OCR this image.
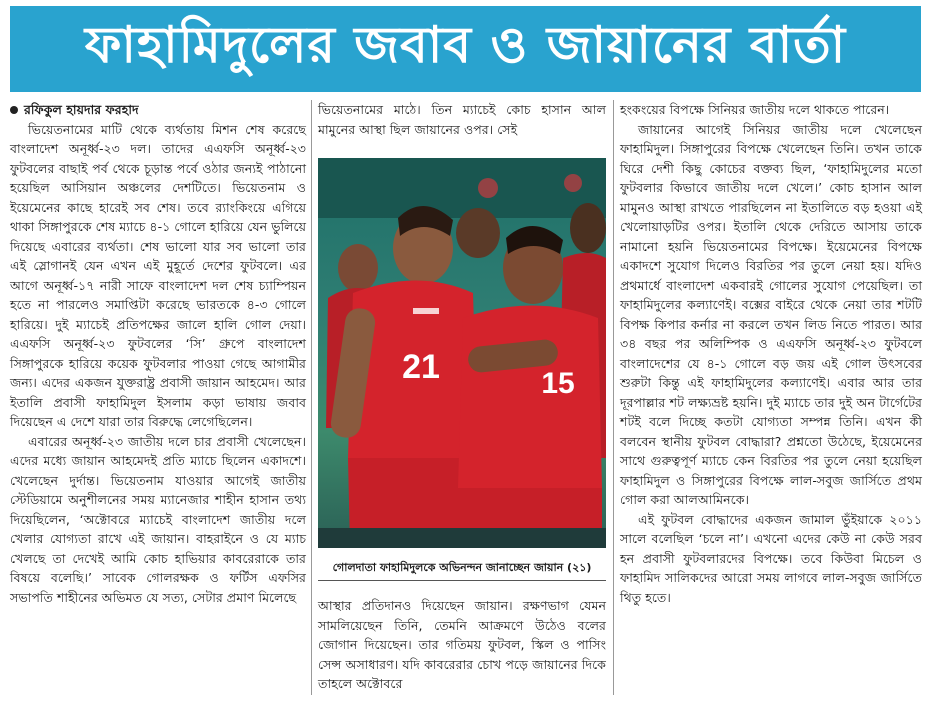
ফাহামিদুলের জবাব ও জায়ানের বার্তা
রফিকুল হায়দার ফরহাদ

ভিয়েতনামের মাটি থেকে ব্যর্থতায় মিশন শেষ করেছে বাংলাদেশ অনূর্ধ্ব-২৩ দল। তাদের এএফসি অনূর্ধ্ব-২৩ ফুটবলের বাছাই পর্ব থেকে চূড়ান্ত পর্বে ওঠার জন্যই পাঠানো হয়েছিল আসিয়ান অঞ্চলের দেশটিতে। ভিয়েতনাম ও ইয়েমেনের কাছে হারেই সব শেষ। তবে র‍্যাংকিংয়ে এগিয়ে থাকা সিঙ্গাপুরকে শেষ ম্যাচে ৪-১ গোলে হারিয়ে যেন ভুলিয়ে দিয়েছে এবারের ব্যর্থতা। শেষ ভালো যার সব ভালো তার এই স্লোগানই যেন এখন এই মুহূর্তে দেশের ফুটবলে। এর আগে অনূর্ধ্ব-১৭ নারী সাফে বাংলাদেশ দল শেষ চ্যাম্পিয়ন হতে না পারলেও সমাপ্তিটা করেছে ভারতকে ৪-৩ গোলে হারিয়ে। দুই ম্যাচেই প্রতিপক্ষের জালে হালি গোল দেয়া। এএফসি অনূর্ধ্ব-২৩ ফুটবলের ‘সি’ গ্রুপে বাংলাদেশ সিঙ্গাপুরকে হারিয়ে কয়েক ফুটবলার পাওয়া গেছে আগামীর জন্য। এদের একজন যুক্তরাষ্ট্র প্রবাসী জায়ান আহমেদ। আর ইতালি প্রবাসী ফাহামিদুল ইসলাম কড়া ভাষায় জবাব দিয়েছেন এ দেশে যারা তার বিরুদ্ধে লেগেছিলেন।

এবারের অনূর্ধ্ব-২৩ জাতীয় দলে চার প্রবাসী খেলেছেন। এদের মধ্যে জায়ান আহমেদই প্রতি ম্যাচে ছিলেন একাদশে। খেলেছেন দুর্দান্ত। ভিয়েতনাম যাওয়ার আগেই জাতীয় স্টেডিয়ামে অনুশীলনের সময় ম্যানেজার শাহীন হাসান তথ্য দিয়েছিলেন, ‘অক্টোবরে ম্যাচেই বাংলাদেশ জাতীয় দলে খেলার যোগ্যতা রাখে এই জায়ান। বাহরাইনে ও যে ম্যাচ খেলছে তা দেখেই আমি কোচ হাভিয়ার কাবরেরাকে তার বিষয়ে বলেছি।’ সাবেক গোলরক্ষক ও ফর্টিস এফসির সভাপতি শাহীনের অভিমত যে সত্য, সেটার প্রমাণ মিলেছে

ভিয়েতনামের মাঠে। তিন ম্যাচেই কোচ হাসান আল মামুনের আস্থা ছিল জায়ানের ওপর। সেই

21	15
গোলদাতা ফাহামিদুলকে অভিনন্দন জানাচ্ছেন জায়ান (২১)

আস্থার প্রতিদানও দিয়েছেন জায়ান। রক্ষণভাগ যেমন সামলিয়েছেন তিনি, তেমনি আক্রমণে উঠেও বলের জোগান দিয়েছেন। তার গতিময় ফুটবল, স্কিল ও পাসিং সেন্স অসাধারণ। যদি কাবরেরার চোখ পড়ে জায়ানের দিকে তাহলে অক্টোবরে

হংকংয়ের বিপক্ষে সিনিয়র জাতীয় দলে থাকতে পারেন।

জায়ানের আগেই সিনিয়র জাতীয় দলে খেলেছেন ফাহামিদুল। সিঙ্গাপুরের বিপক্ষে খেলেছেন তিনি। তখন তাকে ঘিরে দেশী কিছু কোচের বক্তব্য ছিল, ‘ফাহামিদুলের মতো ফুটবলার কিভাবে জাতীয় দলে খেলে।’ কোচ হাসান আল মামুনও আস্থা রাখতে পারছিলেন না ইতালিতে বড় হওয়া এই খেলোয়াড়টির ওপর। ইতালি থেকে দেরিতে আসায় তাকে নামানো হয়নি ভিয়েতনামের বিপক্ষে। ইয়েমেনের বিপক্ষে একাদশে সুযোগ দিলেও বিরতির পর তুলে নেয়া হয়। যদিও প্রথমার্ধে বাংলাদেশ একবারই গোলের সুযোগ পেয়েছিল। তা ফাহামিদুলের কল্যাণেই। বক্সের বাইরে থেকে নেয়া তার শটটি বিপক্ষ কিপার কর্নার না করলে তখন লিড নিতে পারত। আর ৩৪ বছর পর অলিম্পিক ও এএফসি অনূর্ধ্ব-২৩ ফুটবলে বাংলাদেশের যে ৪-১ গোলে বড় জয় এই গোল উৎসবের শুরুটা কিন্তু এই ফাহামিদুলের কল্যাণেই। এবার আর তার দূরপাল্লার শট লক্ষ্যভ্রষ্ট হয়নি। দুই ম্যাচে তার দুই অন টার্গেটের শটই বলে দিচ্ছে কতটা যোগ্যতা সম্পন্ন তিনি। এখন কী বলবেন স্থানীয় ফুটবল বোদ্ধারা? প্রশ্নতো উঠেছে, ইয়েমেনের সাথে গুরুত্বপূর্ণ ম্যাচে কেন বিরতির পর তুলে নেয়া হয়েছিল ফাহামিদুল ও সিঙ্গাপুরের বিপক্ষে লাল-সবুজ জার্সিতে প্রথম গোল করা আলআমিনকে।

এই ফুটবল বোদ্ধাদের একজন জামাল ভুঁইয়াকে ২০১১ সালে বলেছিল ‘চলে না’। এখনো এদের কেউ না কেউ সরব হন প্রবাসী ফুটবলারদের বিপক্ষে। তবে কিউবা মিচেল ও ফাহামিদ সালিকদের আরো সময় লাগবে লাল-সবুজ জার্সিতে থিতু হতে।
